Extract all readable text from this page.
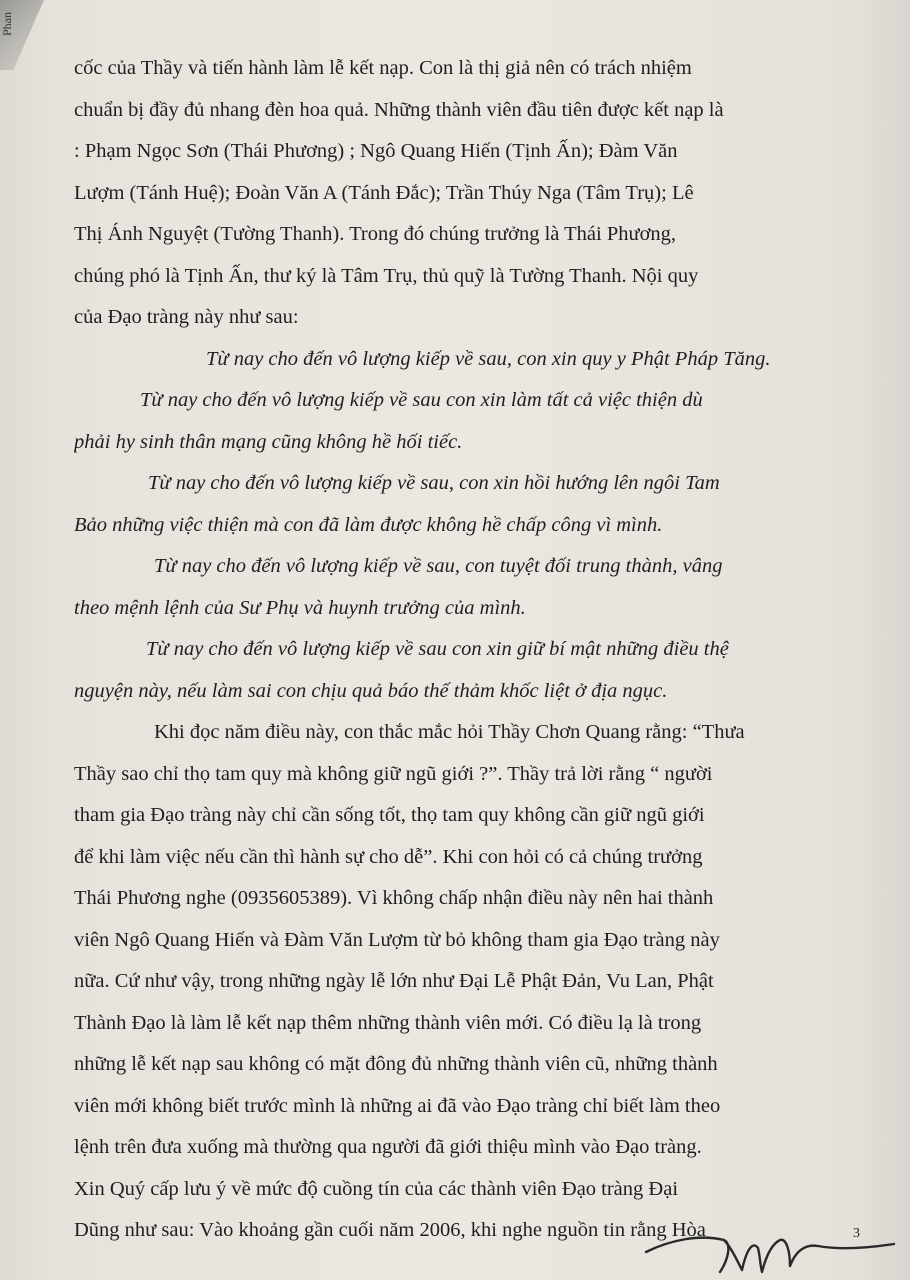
Phan

cốc của Thầy và tiến hành làm lễ kết nạp. Con là thị giả nên có trách nhiệm
chuẩn bị đầy đủ nhang đèn hoa quả. Những thành viên đầu tiên được kết nạp là
: Phạm Ngọc Sơn (Thái Phương) ; Ngô Quang Hiến (Tịnh Ấn); Đàm Văn
Lượm (Tánh Huệ); Đoàn Văn A (Tánh Đắc); Trần Thúy Nga (Tâm Trụ); Lê
Thị Ánh Nguyệt (Tường Thanh). Trong đó chúng trưởng là Thái Phương,
chúng phó là Tịnh Ấn, thư ký là Tâm Trụ, thủ quỹ là Tường Thanh. Nội quy
của Đạo tràng này như sau:

Từ nay cho đến vô lượng kiếp về sau, con xin quy y Phật Pháp Tăng.

Từ nay cho đến vô lượng kiếp về sau con xin làm tất cả việc thiện dù
phải hy sinh thân mạng cũng không hề hối tiếc.

Từ nay cho đến vô lượng kiếp về sau, con xin hồi hướng lên ngôi Tam
Bảo những việc thiện mà con đã làm được không hề chấp công vì mình.

Từ nay cho đến vô lượng kiếp về sau, con tuyệt đối trung thành, vâng
theo mệnh lệnh của Sư Phụ và huynh trưởng của mình.

Từ nay cho đến vô lượng kiếp về sau con xin giữ bí mật những điều thệ
nguyện này, nếu làm sai con chịu quả báo thế thảm khốc liệt ở địa ngục.

Khi đọc năm điều này, con thắc mắc hỏi Thầy Chơn Quang rằng: “Thưa
Thầy sao chỉ thọ tam quy mà không giữ ngũ giới ?”. Thầy trả lời rằng “ người
tham gia Đạo tràng này chỉ cần sống tốt, thọ tam quy không cần giữ ngũ giới
để khi làm việc nếu cần thì hành sự cho dễ”. Khi con hỏi có cả chúng trưởng
Thái Phương nghe (0935605389). Vì không chấp nhận điều này nên hai thành
viên Ngô Quang Hiến và Đàm Văn Lượm từ bỏ không tham gia Đạo tràng này
nữa. Cứ như vậy, trong những ngày lễ lớn như Đại Lễ Phật Đản, Vu Lan, Phật
Thành Đạo là làm lễ kết nạp thêm những thành viên mới. Có điều lạ là trong
những lễ kết nạp sau không có mặt đông đủ những thành viên cũ, những thành
viên mới không biết trước mình là những ai đã vào Đạo tràng chỉ biết làm theo
lệnh trên đưa xuống mà thường qua người đã giới thiệu mình vào Đạo tràng.
Xin Quý cấp lưu ý về mức độ cuồng tín của các thành viên Đạo tràng Đại
Dũng như sau: Vào khoảng gần cuối năm 2006, khi nghe nguồn tin rằng Hòa	3
